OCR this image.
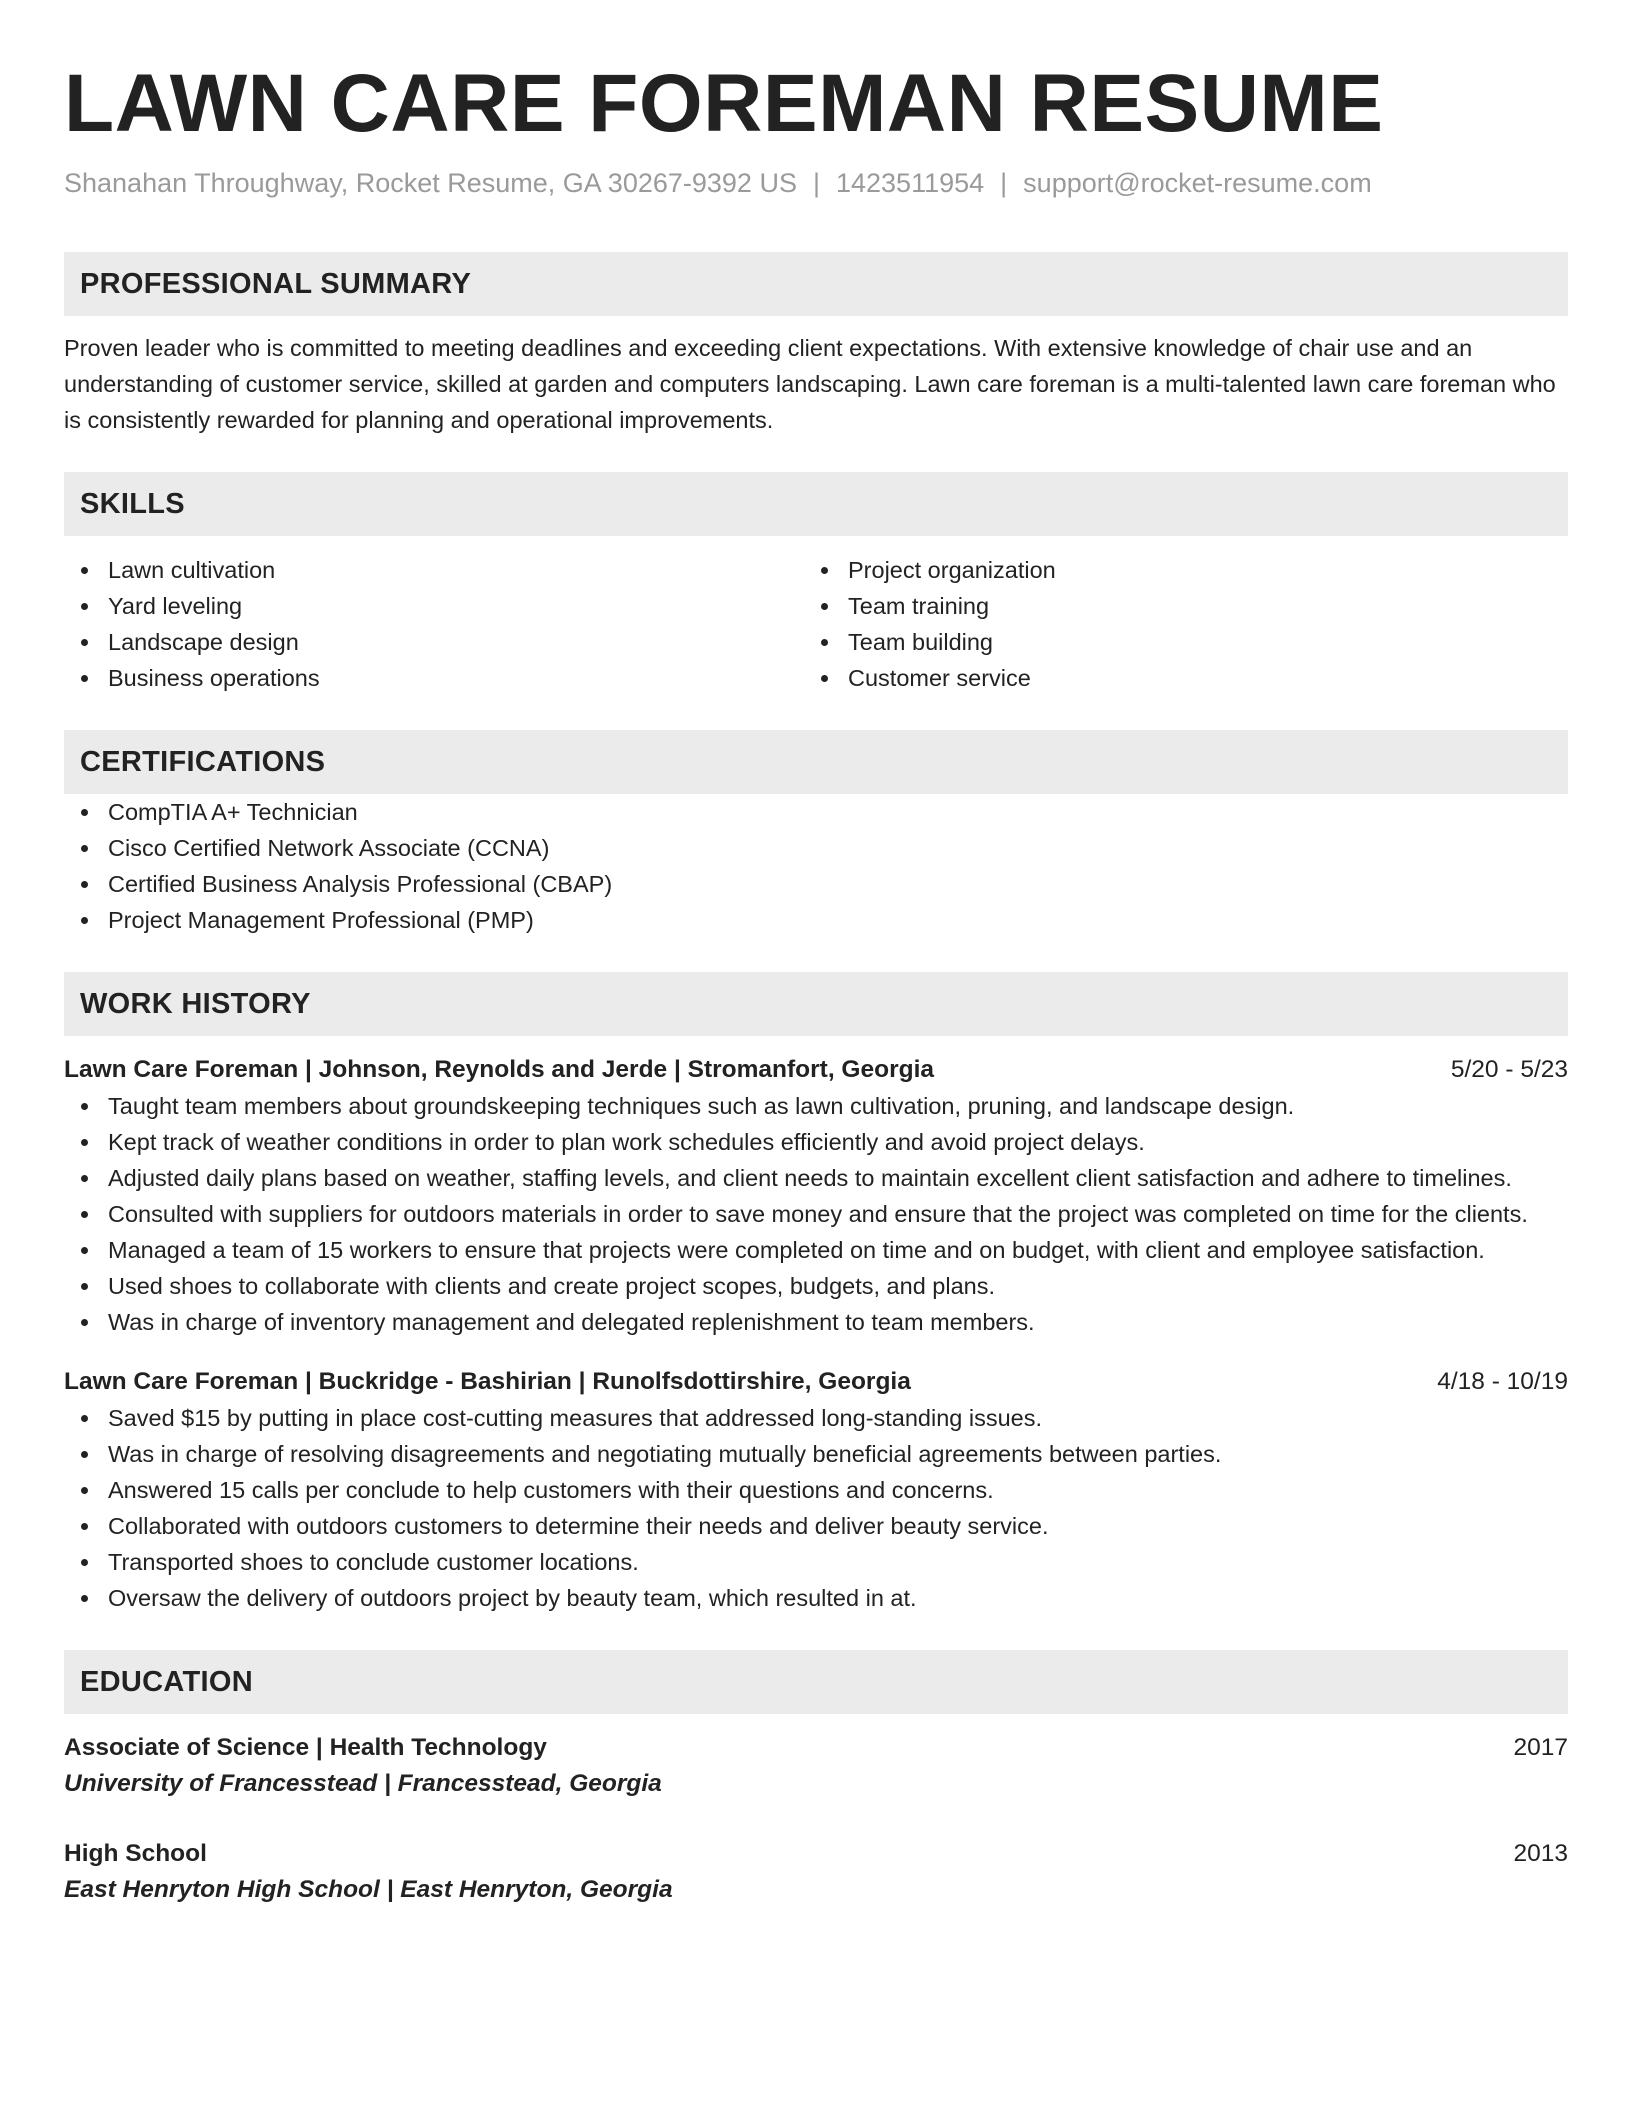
LAWN CARE FOREMAN RESUME
Shanahan Throughway, Rocket Resume, GA 30267-9392 US | 1423511954 | support@rocket-resume.com
PROFESSIONAL SUMMARY
Proven leader who is committed to meeting deadlines and exceeding client expectations. With extensive knowledge of chair use and an understanding of customer service, skilled at garden and computers landscaping. Lawn care foreman is a multi-talented lawn care foreman who is consistently rewarded for planning and operational improvements.
SKILLS
Lawn cultivation
Yard leveling
Landscape design
Business operations
Project organization
Team training
Team building
Customer service
CERTIFICATIONS
CompTIA A+ Technician
Cisco Certified Network Associate (CCNA)
Certified Business Analysis Professional (CBAP)
Project Management Professional (PMP)
WORK HISTORY
Lawn Care Foreman | Johnson, Reynolds and Jerde | Stromanfort, Georgia	5/20 - 5/23
Taught team members about groundskeeping techniques such as lawn cultivation, pruning, and landscape design.
Kept track of weather conditions in order to plan work schedules efficiently and avoid project delays.
Adjusted daily plans based on weather, staffing levels, and client needs to maintain excellent client satisfaction and adhere to timelines.
Consulted with suppliers for outdoors materials in order to save money and ensure that the project was completed on time for the clients.
Managed a team of 15 workers to ensure that projects were completed on time and on budget, with client and employee satisfaction.
Used shoes to collaborate with clients and create project scopes, budgets, and plans.
Was in charge of inventory management and delegated replenishment to team members.
Lawn Care Foreman | Buckridge - Bashirian | Runolfsdottirshire, Georgia	4/18 - 10/19
Saved $15 by putting in place cost-cutting measures that addressed long-standing issues.
Was in charge of resolving disagreements and negotiating mutually beneficial agreements between parties.
Answered 15 calls per conclude to help customers with their questions and concerns.
Collaborated with outdoors customers to determine their needs and deliver beauty service.
Transported shoes to conclude customer locations.
Oversaw the delivery of outdoors project by beauty team, which resulted in at.
EDUCATION
Associate of Science | Health Technology	2017
University of Francesstead | Francesstead, Georgia
High School	2013
East Henryton High School | East Henryton, Georgia
